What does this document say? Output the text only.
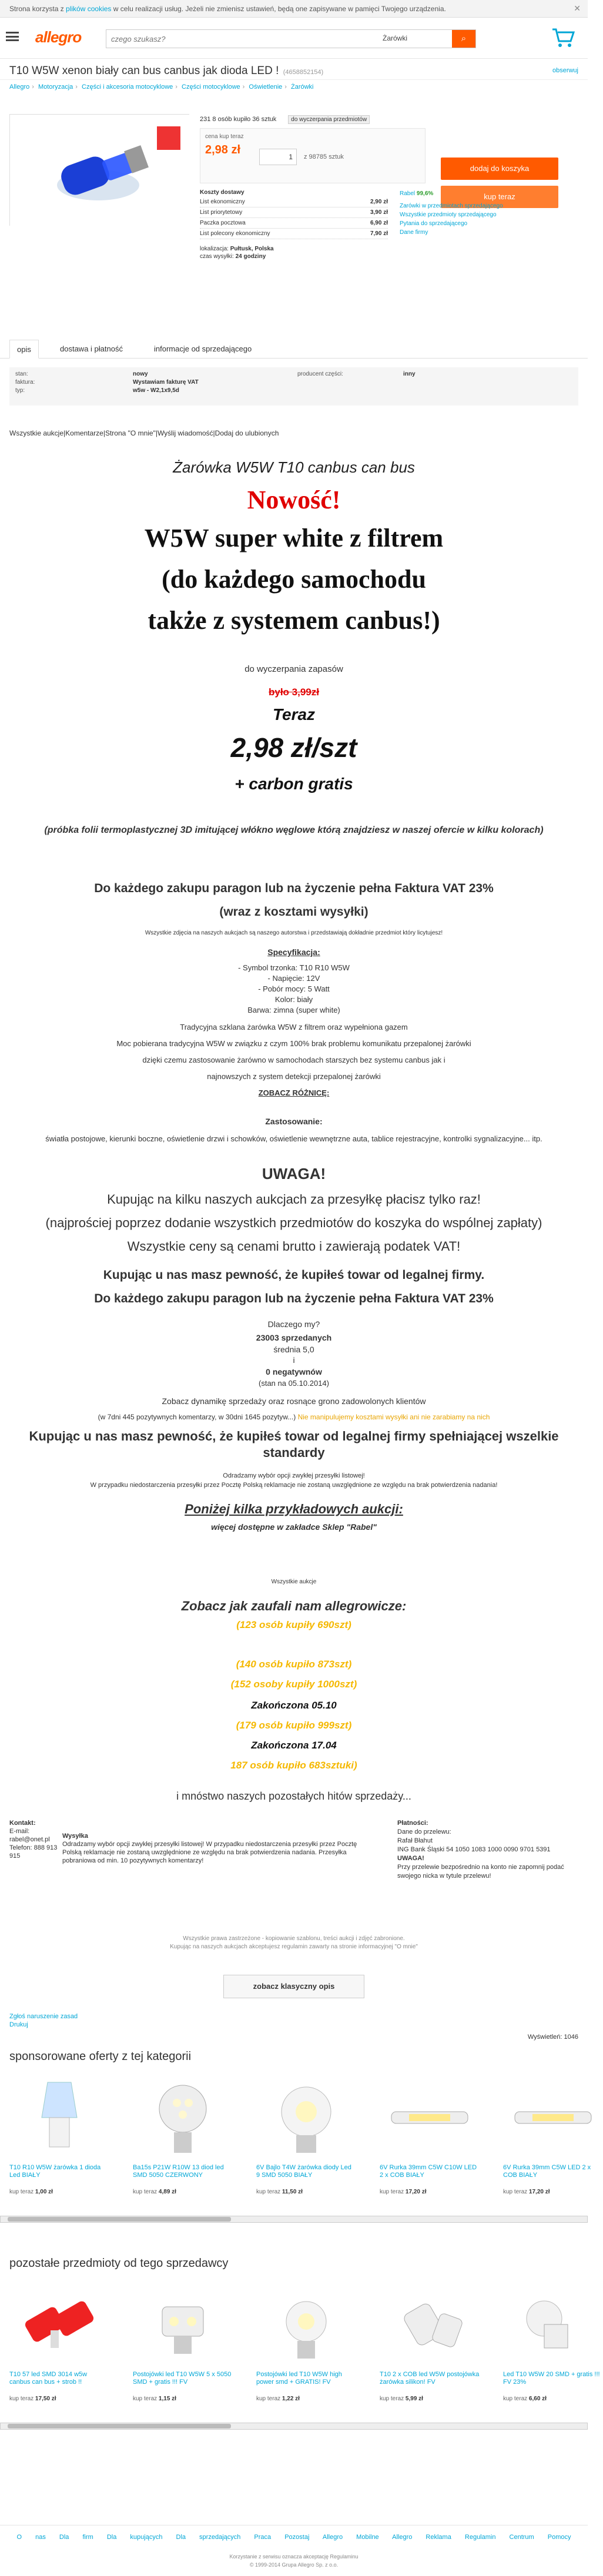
Strona korzysta z plików cookies w celu realizacji usług. Jeżeli nie zmienisz ustawień, będą one zapisywane w pamięci Twojego urządzenia.	✕
allegro
czego szukasz?	Żarówki	⌕
T10 W5W xenon biały can bus canbus jak dioda LED ! (4658852154)	obserwuj
Allegro › Motoryzacja › Części i akcesoria motocyklowe › Części motocyklowe › Oświetlenie › Żarówki
231 8 osób kupiło 36 sztuk	do wyczerpania przedmiotów
cena kup teraz
2,98 zł
1	z 98785 sztuk
dodaj do koszyka
kup teraz
Koszty dostawy
List ekonomiczny	2,90 zł
List priorytetowy	3,90 zł
Paczka pocztowa	6,90 zł
List polecony ekonomiczny	7,90 zł
lokalizacja: Pułtusk, Polska
czas wysyłki: 24 godziny
Rabel 99,6%
Zarówki w przedmiotach sprzedającego
Wszystkie przedmioty sprzedającego
Pytania do sprzedającego
Dane firmy
opis	dostawa i płatność	informacje od sprzedającego
stan:	nowy	producent części:	inny
faktura:	Wystawiam fakturę VAT
typ:	w5w - W2,1x9,5d
Wszystkie aukcje|Komentarze|Strona "O mnie"|Wyślij wiadomość|Dodaj do ulubionych
Żarówka W5W T10 canbus can bus
Nowość!
W5W super white z filtrem
(do każdego samochodu
także z systemem canbus!)
do wyczerpania zapasów
było 3,99zł
Teraz
2,98 zł/szt
+ carbon gratis
(próbka folii termoplastycznej 3D imitującej włókno węglowe którą znajdziesz w naszej ofercie w kilku kolorach)
Do każdego zakupu paragon lub na życzenie pełna Faktura VAT 23%
(wraz z kosztami wysyłki)
Wszystkie zdjęcia na naszych aukcjach są naszego autorstwa i przedstawiają dokładnie przedmiot który licytujesz!
Specyfikacja:
- Symbol trzonka: T10 R10 W5W
- Napięcie: 12V
- Pobór mocy: 5 Watt
Kolor: biały
Barwa: zimna (super white)
Tradycyjna szklana żarówka W5W z filtrem oraz wypełniona gazem
Moc pobierana tradycyjna W5W w związku z czym 100% brak problemu komunikatu przepalonej żarówki
dzięki czemu zastosowanie żarówno w samochodach starszych bez systemu canbus jak i
najnowszych z system detekcji przepalonej żarówki
ZOBACZ RÓŻNICĘ:
Zastosowanie:
światła postojowe, kierunki boczne, oświetlenie drzwi i schowków, oświetlenie wewnętrzne auta, tablice rejestracyjne, kontrolki sygnalizacyjne... itp.
UWAGA!
Kupując na kilku naszych aukcjach za przesyłkę płacisz tylko raz!
(najprościej poprzez dodanie wszystkich przedmiotów do koszyka do wspólnej zapłaty)
Wszystkie ceny są cenami brutto i zawierają podatek VAT!
Kupując u nas masz pewność, że kupiłeś towar od legalnej firmy.
Do każdego zakupu paragon lub na życzenie pełna Faktura VAT 23%
Dlaczego my?
23003 sprzedanych
średnia 5,0
i
0 negatywnów
(stan na 05.10.2014)
Zobacz dynamikę sprzedaży oraz rosnące grono zadowolonych klientów
(w 7dni 445 pozytywnych komentarzy, w 30dni 1645 pozytyw...) Nie manipulujemy kosztami wysyłki ani nie zarabiamy na nich
Kupując u nas masz pewność, że kupiłeś towar od legalnej firmy spełniającej wszelkie standardy
Odradzamy wybór opcji zwykłej przesyłki listowej!
W przypadku niedostarczenia przesyłki przez Pocztę Polską reklamacje nie zostaną uwzględnione ze względu na brak potwierdzenia nadania!
Poniżej kilka przykładowych aukcji:
więcej dostępne w zakładce Sklep "Rabel"
Wszystkie aukcje
Zobacz jak zaufali nam allegrowicze:
(123 osób kupiły 690szt)
(140 osób kupiło 873szt)
(152 osoby kupiły 1000szt)
Zakończona 05.10
(179 osób kupiło 999szt)
Zakończona 17.04
187 osób kupiło 683sztuki)
i mnóstwo naszych pozostałych hitów sprzedaży...
Kontakt:
E-mail: rabel@onet.pl
Telefon: 888 913 915
Wysyłka
Odradzamy wybór opcji zwykłej przesyłki listowej! W przypadku niedostarczenia przesyłki przez Pocztę Polską reklamacje nie zostaną uwzględnione ze względu na brak potwierdzenia nadania. Przesyłka pobraniowa od min. 10 pozytywnych komentarzy!
Płatności:
Dane do przelewu:
Rafał Błahut
ING Bank Śląski 54 1050 1083 1000 0090 9701 5391
UWAGA!
Przy przelewie bezpośrednio na konto nie zapomnij podać swojego nicka w tytule przelewu!
Wszystkie prawa zastrzeżone - kopiowanie szablonu, treści aukcji i zdjęć zabronione.
Kupując na naszych aukcjach akceptujesz regulamin zawarty na stronie informacyjnej "O mnie"
zobacz klasyczny opis
Zgłoś naruszenie zasad
Drukuj
Wyświetleń: 1046
sponsorowane oferty z tej kategorii
T10 R10 W5W żarówka 1 dioda Led BIAŁY
kup teraz 1,00 zł
Ba15s P21W R10W 13 diod led SMD 5050 CZERWONY
kup teraz 4,89 zł
6V Bajlo T4W żarówka diody Led 9 SMD 5050 BIAŁY
kup teraz 11,50 zł
6V Rurka 39mm C5W C10W LED 2 x COB BIAŁY
kup teraz 17,20 zł
6V Rurka 39mm C5W LED 2 x COB BIAŁY
kup teraz 17,20 zł
pozostałe przedmioty od tego sprzedawcy
T10 57 led SMD 3014 w5w canbus can bus + strob !!
kup teraz 17,50 zł
Postojówki led T10 W5W 5 x 5050 SMD + gratis !!! FV
kup teraz 1,15 zł
Postojówki led T10 W5W high power smd + GRATIS! FV
kup teraz 1,22 zł
T10 2 x COB led W5W postojówka żarówka silikon! FV
kup teraz 5,99 zł
Led T10 W5W 20 SMD + gratis !!! FV 23%
kup teraz 6,60 zł
O nas Dla firm Dla kupujących Dla sprzedających Praca Pozostaj Allegro Mobilne Allegro Reklama Regulamin Centrum Pomocy
Korzystanie z serwisu oznacza akceptację Regulaminu
© 1999-2014 Grupa Allegro Sp. z o.o.
